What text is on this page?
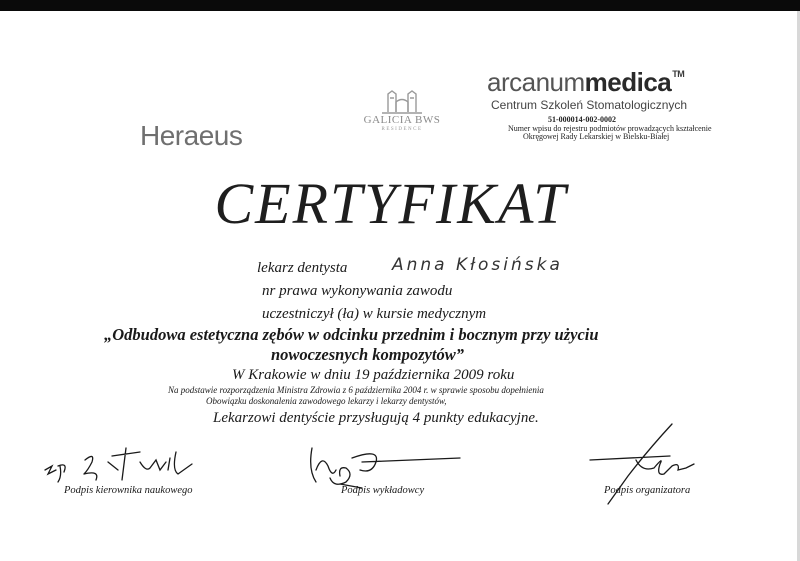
Heraeus	GALICIA BWS
RESIDENCE
arcanummedica™
Centrum Szkoleń Stomatologicznych
51-000014-002-0002
Numer wpisu do rejestru podmiotów prowadzących kształcenie
Okręgowej Rady Lekarskiej w Bielsku-Białej
CERTYFIKAT
lekarz dentysta	Anna Kłosińska
nr prawa wykonywania zawodu
uczestniczył (ła) w kursie medycznym
„Odbudowa estetyczna zębów w odcinku przednim i bocznym przy użyciu
nowoczesnych kompozytów”
W Krakowie w dniu 19 października 2009 roku
Na podstawie rozporządzenia Ministra Zdrowia z 6 października 2004 r. w sprawie sposobu dopełnienia
Obowiązku doskonalenia zawodowego lekarzy i lekarzy dentystów,
Lekarzowi dentyście przysługują 4 punkty edukacyjne.
Podpis kierownika naukowego	Podpis wykładowcy	Podpis organizatora
